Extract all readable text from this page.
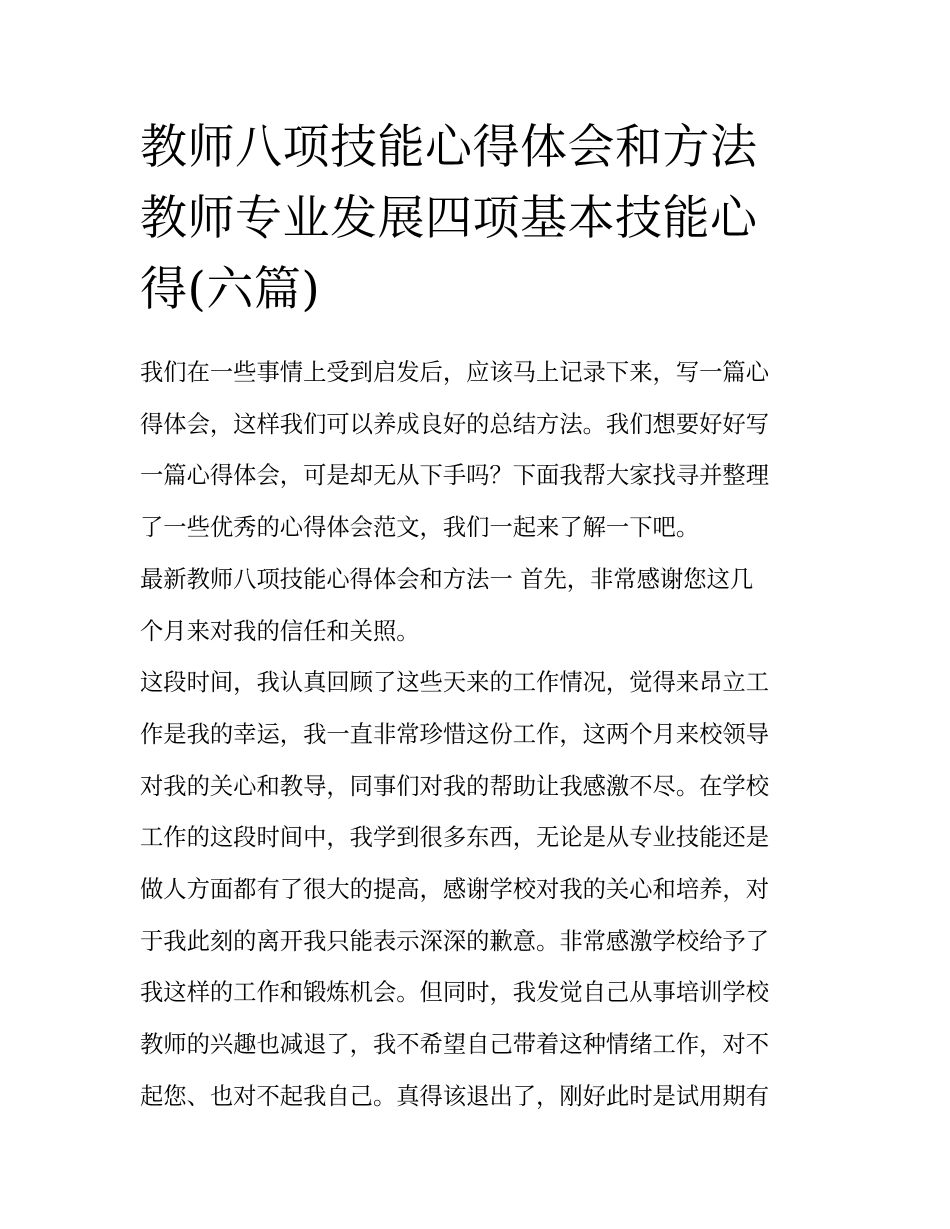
教师八项技能心得体会和方法
教师专业发展四项基本技能心
得(六篇)

我们在一些事情上受到启发后，应该马上记录下来，写一篇心
得体会，这样我们可以养成良好的总结方法。我们想要好好写
一篇心得体会，可是却无从下手吗？下面我帮大家找寻并整理
了一些优秀的心得体会范文，我们一起来了解一下吧。

最新教师八项技能心得体会和方法一 首先，非常感谢您这几
个月来对我的信任和关照。

这段时间，我认真回顾了这些天来的工作情况，觉得来昂立工
作是我的幸运，我一直非常珍惜这份工作，这两个月来校领导
对我的关心和教导，同事们对我的帮助让我感激不尽。在学校
工作的这段时间中，我学到很多东西，无论是从专业技能还是
做人方面都有了很大的提高，感谢学校对我的关心和培养，对
于我此刻的离开我只能表示深深的歉意。非常感激学校给予了
我这样的工作和锻炼机会。但同时，我发觉自己从事培训学校
教师的兴趣也减退了，我不希望自己带着这种情绪工作，对不
起您、也对不起我自己。真得该退出了，刚好此时是试用期有
